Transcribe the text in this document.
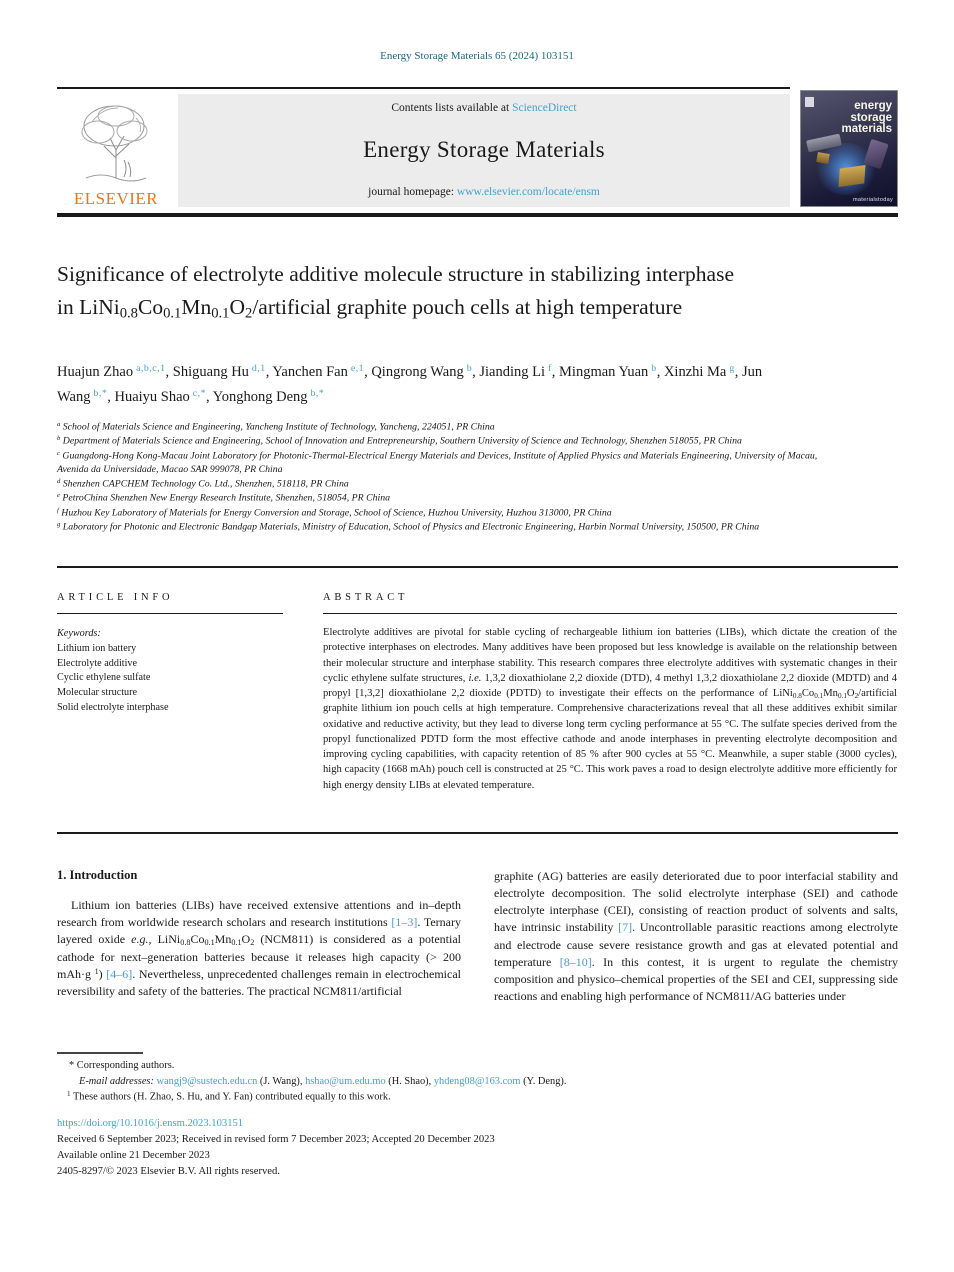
Energy Storage Materials 65 (2024) 103151
ELSEVIER
Contents lists available at ScienceDirect
Energy Storage Materials
journal homepage: www.elsevier.com/locate/ensm
energy
storage
materials
materialstoday
Significance of electrolyte additive molecule structure in stabilizing interphase in $LiNi_{0.8}Co_{0.1}Mn_{0.1}O_2$/artificial graphite pouch cells at high temperature
Huajun Zhao $^{a,b,c,1}$, Shiguang Hu $^{d,1}$, Yanchen Fan $^{e,1}$, Qingrong Wang $^b$, Jianding Li $^f$, Mingman Yuan $^b$, Xinzhi Ma $^g$, Jun Wang $^{b,*}$, Huaiyu Shao $^{c,*}$, Yonghong Deng $^{b,*}$
$^a$ School of Materials Science and Engineering, Yancheng Institute of Technology, Yancheng, 224051, PR China
$^b$ Department of Materials Science and Engineering, School of Innovation and Entrepreneurship, Southern University of Science and Technology, Shenzhen 518055, PR China
$^c$ Guangdong-Hong Kong-Macau Joint Laboratory for Photonic-Thermal-Electrical Energy Materials and Devices, Institute of Applied Physics and Materials Engineering, University of Macau, Avenida da Universidade, Macao SAR 999078, PR China
$^d$ Shenzhen CAPCHEM Technology Co. Ltd., Shenzhen, 518118, PR China
$^e$ PetroChina Shenzhen New Energy Research Institute, Shenzhen, 518054, PR China
$^f$ Huzhou Key Laboratory of Materials for Energy Conversion and Storage, School of Science, Huzhou University, Huzhou 313000, PR China
$^g$ Laboratory for Photonic and Electronic Bandgap Materials, Ministry of Education, School of Physics and Electronic Engineering, Harbin Normal University, 150500, PR China
ARTICLE INFO	ABSTRACT
Keywords:
Lithium ion battery
Electrolyte additive
Cyclic ethylene sulfate
Molecular structure
Solid electrolyte interphase
Electrolyte additives are pivotal for stable cycling of rechargeable lithium ion batteries (LIBs), which dictate the creation of the protective interphases on electrodes. Many additives have been proposed but less knowledge is available on the relationship between their molecular structure and interphase stability. This research compares three electrolyte additives with systematic changes in their cyclic ethylene sulfate structures, i.e. 1,3,2 dioxathiolane 2,2 dioxide (DTD), 4 methyl 1,3,2 dioxathiolane 2,2 dioxide (MDTD) and 4 propyl [1,3,2] dioxathiolane 2,2 dioxide (PDTD) to investigate their effects on the performance of $LiNi_{0.8}Co_{0.1}Mn_{0.1}O_2$/artificial graphite lithium ion pouch cells at high temperature. Comprehensive characterizations reveal that all these additives exhibit similar oxidative and reductive activity, but they lead to diverse long term cycling performance at 55 °C. The sulfate species derived from the propyl functionalized PDTD form the most effective cathode and anode interphases in preventing electrolyte decomposition and improving cycling capabilities, with capacity retention of 85 % after 900 cycles at 55 °C. Meanwhile, a super stable (3000 cycles), high capacity (1668 mAh) pouch cell is constructed at 25 °C. This work paves a road to design electrolyte additive more efficiently for high energy density LIBs at elevated temperature.
1. Introduction
Lithium ion batteries (LIBs) have received extensive attentions and in–depth research from worldwide research scholars and research institutions [1–3]. Ternary layered oxide e.g., $LiNi_{0.8}Co_{0.1}Mn_{0.1}O_2$ (NCM811) is considered as a potential cathode for next–generation batteries because it releases high capacity (> 200 mAh·g $^1$) [4–6]. Nevertheless, unprecedented challenges remain in electrochemical reversibility and safety of the batteries. The practical NCM811/artificial
graphite (AG) batteries are easily deteriorated due to poor interfacial stability and electrolyte decomposition. The solid electrolyte interphase (SEI) and cathode electrolyte interphase (CEI), consisting of reaction product of solvents and salts, have intrinsic instability [7]. Uncontrollable parasitic reactions among electrolyte and electrode cause severe resistance growth and gas at elevated potential and temperature [8–10]. In this contest, it is urgent to regulate the chemistry composition and physico–chemical properties of the SEI and CEI, suppressing side reactions and enabling high performance of NCM811/AG batteries under
* Corresponding authors.
E-mail addresses: wangj9@sustech.edu.cn (J. Wang), hshao@um.edu.mo (H. Shao), yhdeng08@163.com (Y. Deng).
$^1$ These authors (H. Zhao, S. Hu, and Y. Fan) contributed equally to this work.
https://doi.org/10.1016/j.ensm.2023.103151
Received 6 September 2023; Received in revised form 7 December 2023; Accepted 20 December 2023
Available online 21 December 2023
2405-8297/© 2023 Elsevier B.V. All rights reserved.
